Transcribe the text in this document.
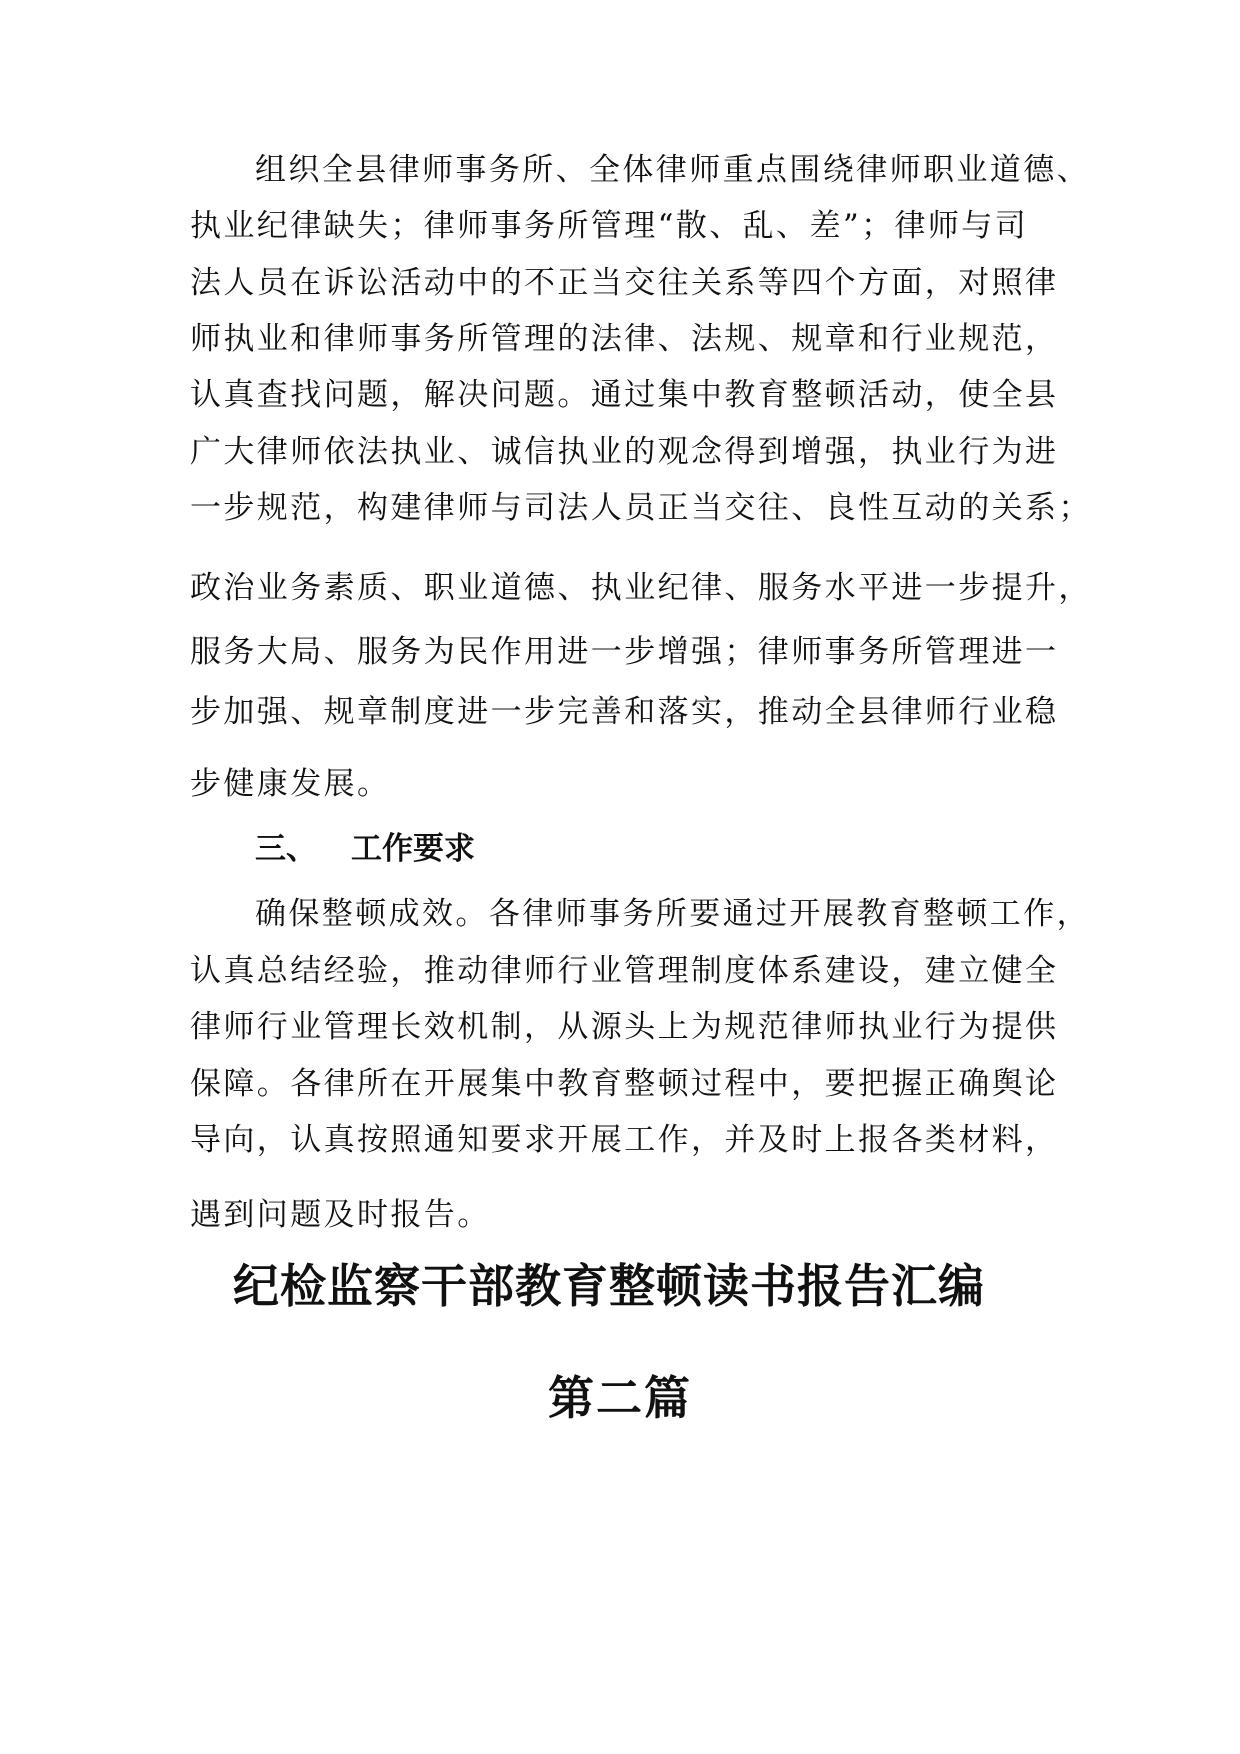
组织全县律师事务所、全体律师重点围绕律师职业道德、
执业纪律缺失；律师事务所管理“散、乱、差”；律师与司
法人员在诉讼活动中的不正当交往关系等四个方面，对照律
师执业和律师事务所管理的法律、法规、规章和行业规范，
认真查找问题，解决问题。通过集中教育整顿活动，使全县
广大律师依法执业、诚信执业的观念得到增强，执业行为进
一步规范，构建律师与司法人员正当交往、良性互动的关系；
政治业务素质、职业道德、执业纪律、服务水平进一步提升，
服务大局、服务为民作用进一步增强；律师事务所管理进一
步加强、规章制度进一步完善和落实，推动全县律师行业稳
步健康发展。
三、 工作要求
确保整顿成效。各律师事务所要通过开展教育整顿工作，
认真总结经验，推动律师行业管理制度体系建设，建立健全
律师行业管理长效机制，从源头上为规范律师执业行为提供
保障。各律所在开展集中教育整顿过程中，要把握正确舆论
导向，认真按照通知要求开展工作，并及时上报各类材料，
遇到问题及时报告。
纪检监察干部教育整顿读书报告汇编
第二篇
